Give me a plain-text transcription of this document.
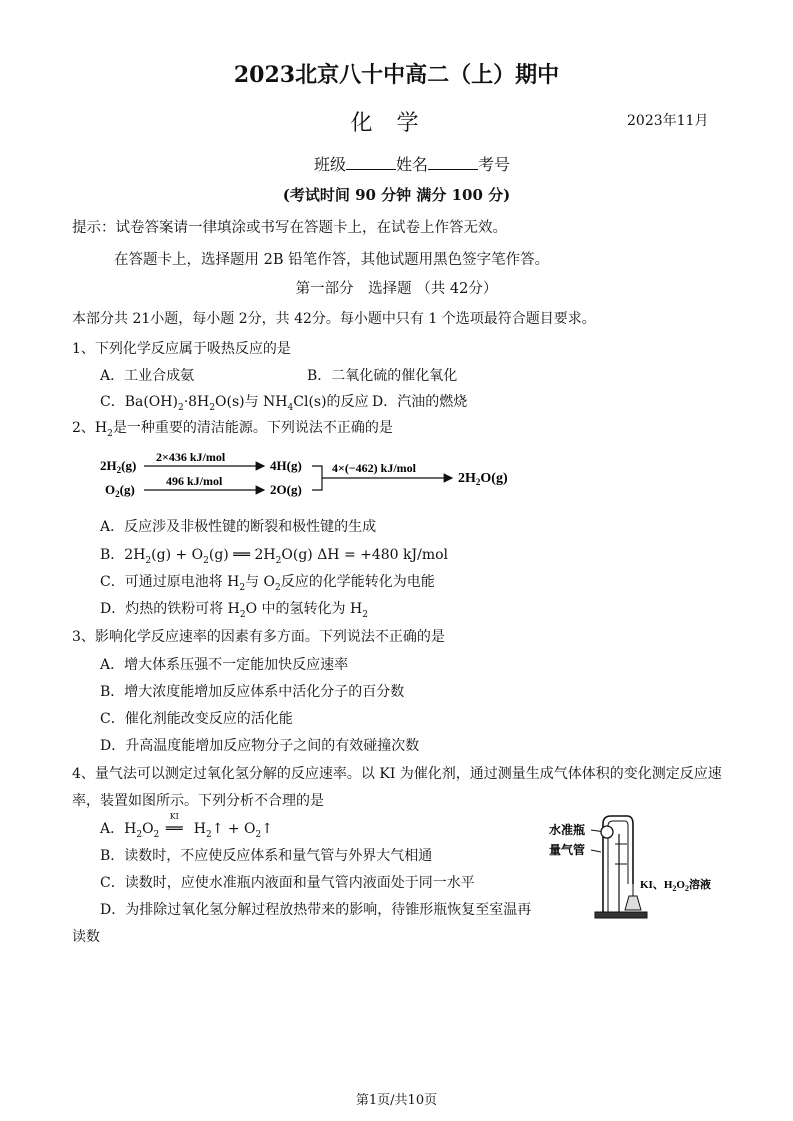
2023北京八十中高二（上）期中
化学	2023年11月
班级	姓名	考号
(考试时间 90 分钟 满分 100 分)
提示：试卷答案请一律填涂或书写在答题卡上，在试卷上作答无效。
在答题卡上，选择题用 2B 铅笔作答，其他试题用黑色签字笔作答。
第一部分　选择题 （共 42分）
本部分共 21小题，每小题 2分，共 42分。每小题中只有 1 个选项最符合题目要求。
1、下列化学反应属于吸热反应的是
A．工业合成氨	B．二氧化硫的催化氧化
C．$Ba(OH)_2\cdot 8H_2O(s)$与 $NH_4Cl(s)$的反应 D．汽油的燃烧
2、$H_2$是一种重要的清洁能源。下列说法不正确的是
$2H_2(g)$
$O_2(g)$
2×436 kJ/mol
496 kJ/mol
4H(g)
2O(g)
4×(−462) kJ/mol
$2H_2O(g)$
A．反应涉及非极性键的断裂和极性键的生成
B．$2H_2(g) + O_2(g)$ ══ $2H_2O(g) \Delta H = +480$ kJ/mol
C．可通过原电池将 $H_2$与 $O_2$反应的化学能转化为电能
D．灼热的铁粉可将 $H_2O$ 中的氢转化为 $H_2$
3、影响化学反应速率的因素有多方面。下列说法不正确的是
A．增大体系压强不一定能加快反应速率
B．增大浓度能增加反应体系中活化分子的百分数
C．催化剂能改变反应的活化能
D．升高温度能增加反应物分子之间的有效碰撞次数
4、量气法可以测定过氧化氢分解的反应速率。以 KI 为催化剂，通过测量生成气体体积的变化测定反应速
率，装置如图所示。下列分析不合理的是
A．$H_2O_2$
KI
══ $H_2↑$ + $O_2↑$
B．读数时，不应使反应体系和量气管与外界大气相通
C．读数时，应使水准瓶内液面和量气管内液面处于同一水平
D．为排除过氧化氢分解过程放热带来的影响，待锥形瓶恢复至室温再
读数
水准瓶
量气管
KI、$H_2O_2$溶液
第1页/共10页
